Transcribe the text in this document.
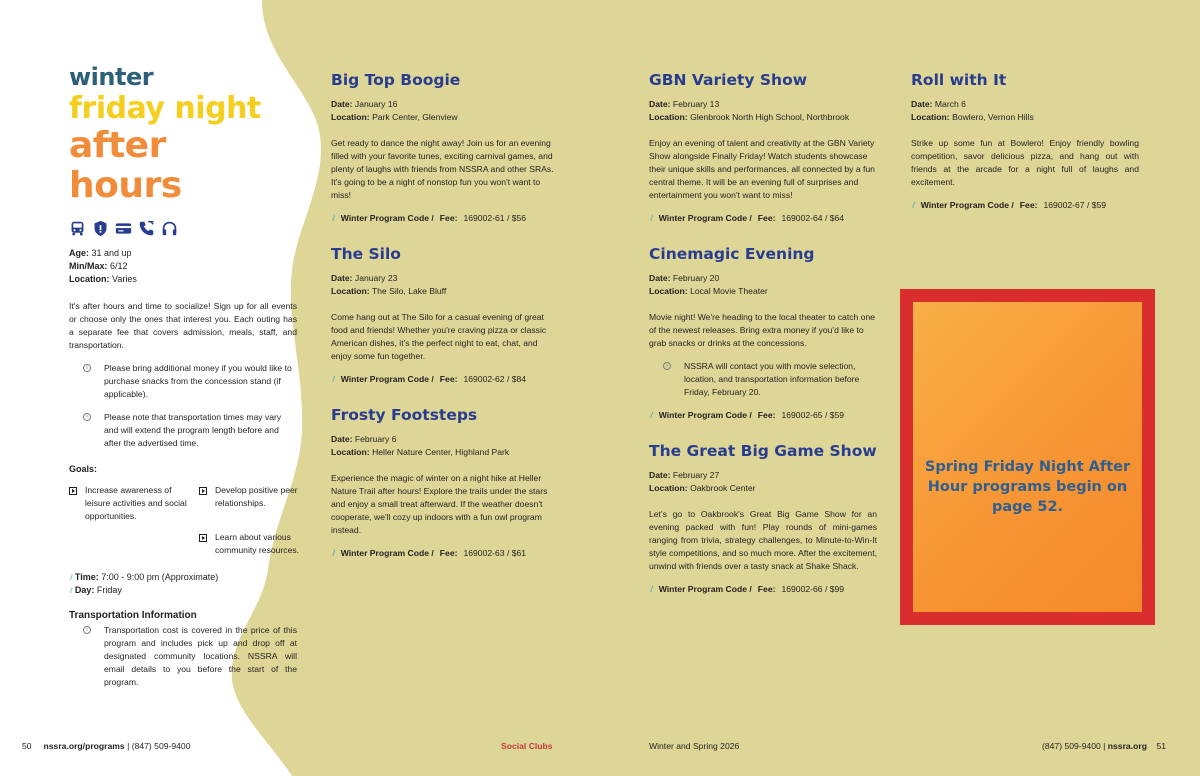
winter
friday night
after
hours
Age: 31 and up
Min/Max: 6/12
Location: Varies
It's after hours and time to socialize! Sign up for all events or choose only the ones that interest you. Each outing has a separate fee that covers admission, meals, staff, and transportation.
i	Please bring additional money if you would like to purchase snacks from the concession stand (if applicable).
i	Please note that transportation times may vary and will extend the program length before and after the advertised time.
Goals:
Increase awareness of leisure activities and social opportunities.
Develop positive peer relationships.
Learn about various community resources.
≀ Time: 7:00 - 9:00 pm (Approximate)
≀ Day: Friday
Transportation Information
i	Transportation cost is covered in the price of this program and includes pick up and drop off at designated community locations. NSSRA will email details to you before the start of the program.
Big Top Boogie
Date: January 16
Location: Park Center, Glenview
Get ready to dance the night away! Join us for an evening filled with your favorite tunes, exciting carnival games, and plenty of laughs with friends from NSSRA and other SRAs. It's going to be a night of nonstop fun you won't want to miss!
≀ Winter Program Code / Fee: 169002-61 / $56
The Silo
Date: January 23
Location: The Silo, Lake Bluff
Come hang out at The Silo for a casual evening of great food and friends! Whether you're craving pizza or classic American dishes, it's the perfect night to eat, chat, and enjoy some fun together.
≀ Winter Program Code / Fee: 169002-62 / $84
Frosty Footsteps
Date: February 6
Location: Heller Nature Center, Highland Park
Experience the magic of winter on a night hike at Heller Nature Trail after hours! Explore the trails under the stars and enjoy a small treat afterward. If the weather doesn't cooperate, we'll cozy up indoors with a fun owl program instead.
≀ Winter Program Code / Fee: 169002-63 / $61
GBN Variety Show
Date: February 13
Location: Glenbrook North High School, Northbrook
Enjoy an evening of talent and creativity at the GBN Variety Show alongside Finally Friday! Watch students showcase their unique skills and performances, all connected by a fun central theme. It will be an evening full of surprises and entertainment you won't want to miss!
≀ Winter Program Code / Fee: 169002-64 / $64
Cinemagic Evening
Date: February 20
Location: Local Movie Theater
Movie night! We're heading to the local theater to catch one of the newest releases. Bring extra money if you'd like to grab snacks or drinks at the concessions.
i	NSSRA will contact you with movie selection, location, and transportation information before Friday, February 20.
≀ Winter Program Code / Fee: 169002-65 / $59
The Great Big Game Show
Date: February 27
Location: Oakbrook Center
Let's go to Oakbrook's Great Big Game Show for an evening packed with fun! Play rounds of mini-games ranging from trivia, strategy challenges, to Minute-to-Win-It style competitions, and so much more. After the excitement, unwind with friends over a tasty snack at Shake Shack.
≀ Winter Program Code / Fee: 169002-66 / $99
Roll with It
Date: March 6
Location: Bowlero, Vernon Hills
Strike up some fun at Bowlero! Enjoy friendly bowling competition, savor delicious pizza, and hang out with friends at the arcade for a night full of laughs and excitement.
≀ Winter Program Code / Fee: 169002-67 / $59
Spring Friday Night After Hour programs begin on page 52.
50 nssra.org/programs | (847) 509-9400	Social Clubs	Winter and Spring 2026	(847) 509-9400 | nssra.org 51
